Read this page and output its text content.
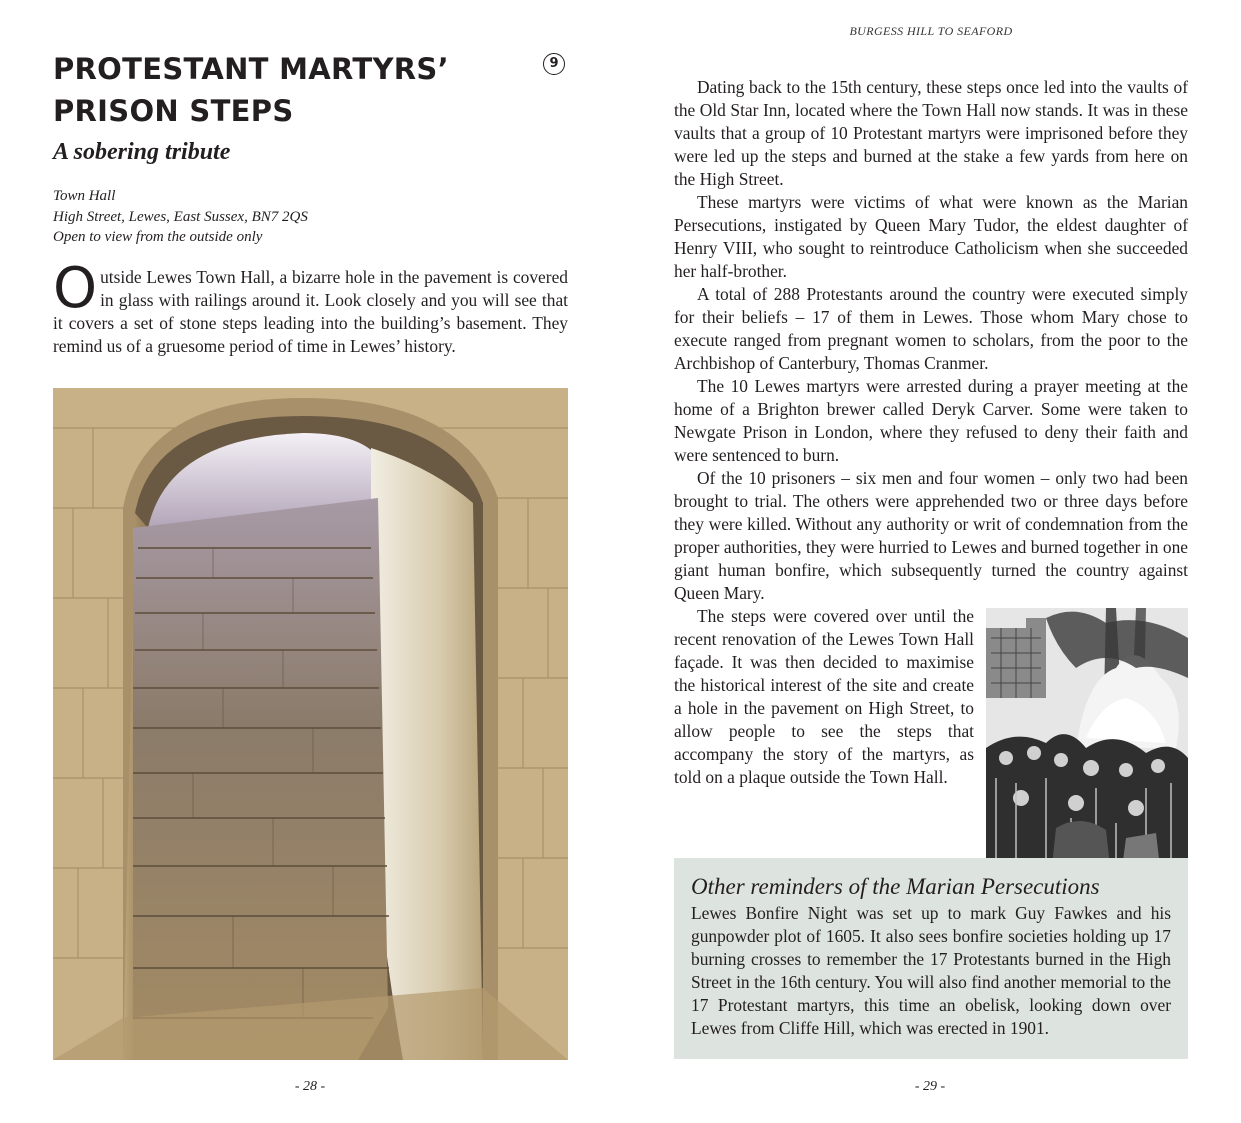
PROTESTANT MARTYRS’ PRISON STEPS
9
A sobering tribute
Town Hall
High Street, Lewes, East Sussex, BN7 2QS
Open to view from the outside only

Outside Lewes Town Hall, a bizarre hole in the pavement is covered in glass with railings around it. Look closely and you will see that it covers a set of stone steps leading into the building’s basement. They remind us of a gruesome period of time in Lewes’ history.

- 28 -
BURGESS HILL TO SEAFORD

Dating back to the 15th century, these steps once led into the vaults of the Old Star Inn, located where the Town Hall now stands. It was in these vaults that a group of 10 Protestant martyrs were imprisoned before they were led up the steps and burned at the stake a few yards from here on the High Street.

These martyrs were victims of what were known as the Marian Persecutions, instigated by Queen Mary Tudor, the eldest daughter of Henry VIII, who sought to reintroduce Catholicism when she succeeded her half-brother.

A total of 288 Protestants around the country were executed simply for their beliefs – 17 of them in Lewes. Those whom Mary chose to execute ranged from pregnant women to scholars, from the poor to the Archbishop of Canterbury, Thomas Cranmer.

The 10 Lewes martyrs were arrested during a prayer meeting at the home of a Brighton brewer called Deryk Carver. Some were taken to Newgate Prison in London, where they refused to deny their faith and were sentenced to burn.

Of the 10 prisoners – six men and four women – only two had been brought to trial. The others were apprehended two or three days before they were killed. Without any authority or writ of condemnation from the proper authorities, they were hurried to Lewes and burned together in one giant human bonfire, which subsequently turned the country against Queen Mary.

The steps were covered over until the recent renovation of the Lewes Town Hall façade. It was then decided to maximise the historical interest of the site and create a hole in the pavement on High Street, to allow people to see the steps that accompany the story of the martyrs, as told on a plaque outside the Town Hall.

Other reminders of the Marian Persecutions

Lewes Bonfire Night was set up to mark Guy Fawkes and his gunpowder plot of 1605. It also sees bonfire societies holding up 17 burning crosses to remember the 17 Protestants burned in the High Street in the 16th century. You will also find another memorial to the 17 Protestant martyrs, this time an obelisk, looking down over Lewes from Cliffe Hill, which was erected in 1901.

- 29 -
